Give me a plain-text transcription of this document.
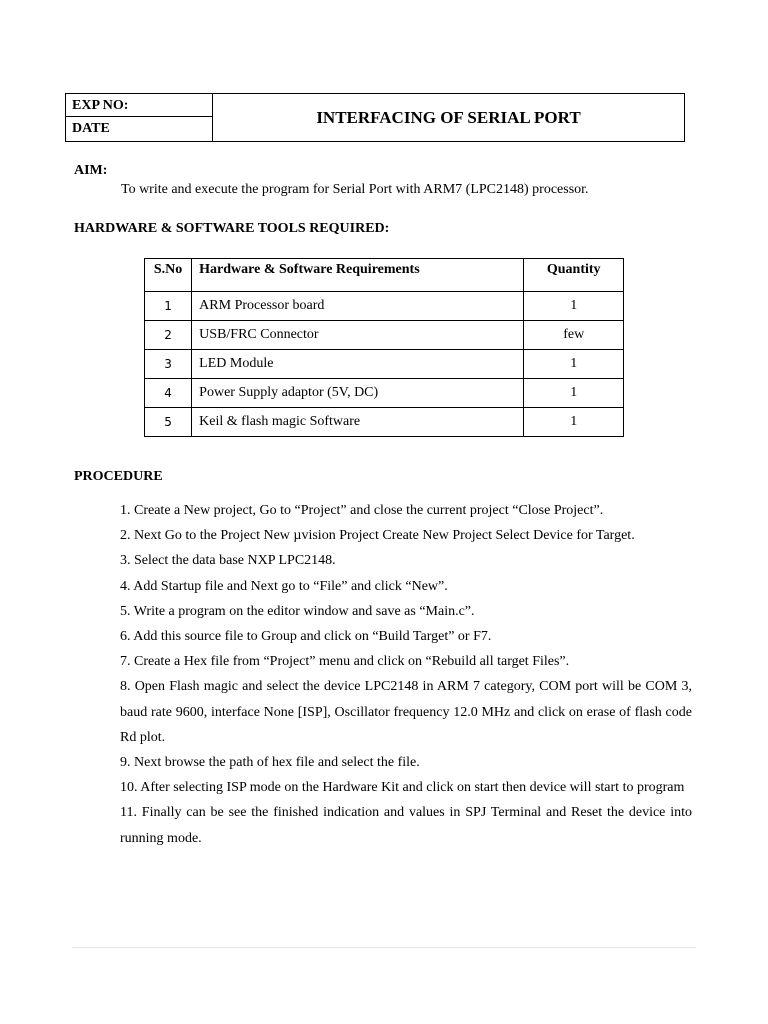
EXP NO:
DATE
INTERFACING OF SERIAL PORT
AIM:
To write and execute the program for Serial Port with ARM7 (LPC2148) processor.
HARDWARE & SOFTWARE TOOLS REQUIRED:
S.No	Hardware & Software Requirements	Quantity
1	ARM Processor board	1
2	USB/FRC Connector	few
3	LED Module	1
4	Power Supply adaptor (5V, DC)	1
5	Keil & flash magic Software	1
PROCEDURE
1. Create a New project, Go to “Project” and close the current project “Close Project”.
2. Next Go to the Project New µvision Project Create New Project Select Device for Target.
3. Select the data base NXP LPC2148.
4. Add Startup file and Next go to “File” and click “New”.
5. Write a program on the editor window and save as “Main.c”.
6. Add this source file to Group and click on “Build Target” or F7.
7. Create a Hex file from “Project” menu and click on “Rebuild all target Files”.
8. Open Flash magic and select the device LPC2148 in ARM 7 category, COM port will be COM 3, baud rate 9600, interface None [ISP], Oscillator frequency 12.0 MHz and click on erase of flash code Rd plot.
9. Next browse the path of hex file and select the file.
10. After selecting ISP mode on the Hardware Kit and click on start then device will start to program
11. Finally can be see the finished indication and values in SPJ Terminal and Reset the device into running mode.
